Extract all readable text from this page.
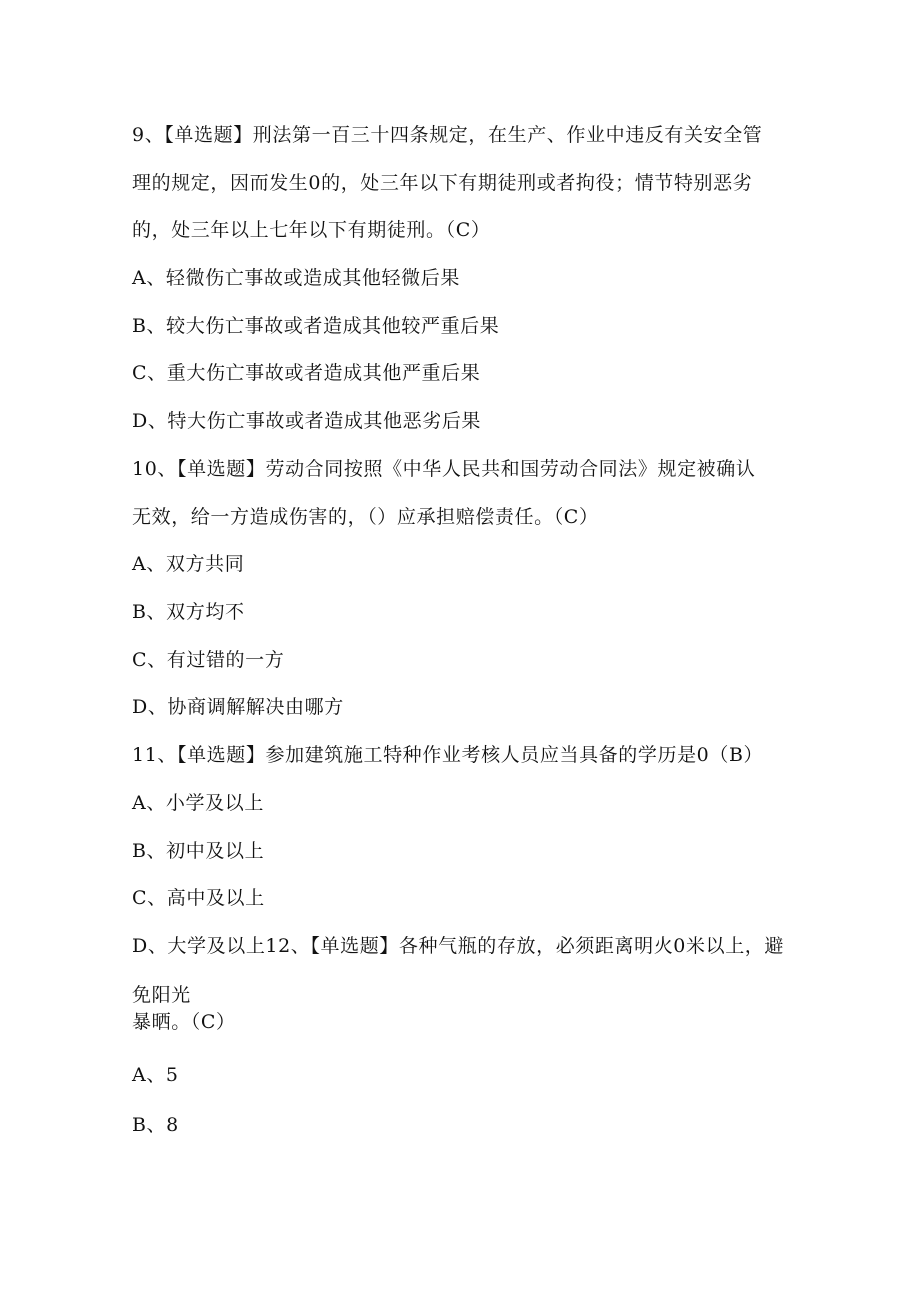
9、【单选题】刑法第一百三十四条规定，在生产、作业中违反有关安全管
理的规定，因而发生0的，处三年以下有期徒刑或者拘役；情节特别恶劣
的，处三年以上七年以下有期徒刑。（C）
A、轻微伤亡事故或造成其他轻微后果
B、较大伤亡事故或者造成其他较严重后果
C、重大伤亡事故或者造成其他严重后果
D、特大伤亡事故或者造成其他恶劣后果
10、【单选题】劳动合同按照《中华人民共和国劳动合同法》规定被确认
无效，给一方造成伤害的，（）应承担赔偿责任。（C）
A、双方共同
B、双方均不
C、有过错的一方
D、协商调解解决由哪方
11、【单选题】参加建筑施工特种作业考核人员应当具备的学历是0（B）
A、小学及以上
B、初中及以上
C、高中及以上
D、大学及以上12、【单选题】各种气瓶的存放，必须距离明火0米以上，避
免阳光
暴晒。（C）
A、5
B、8
